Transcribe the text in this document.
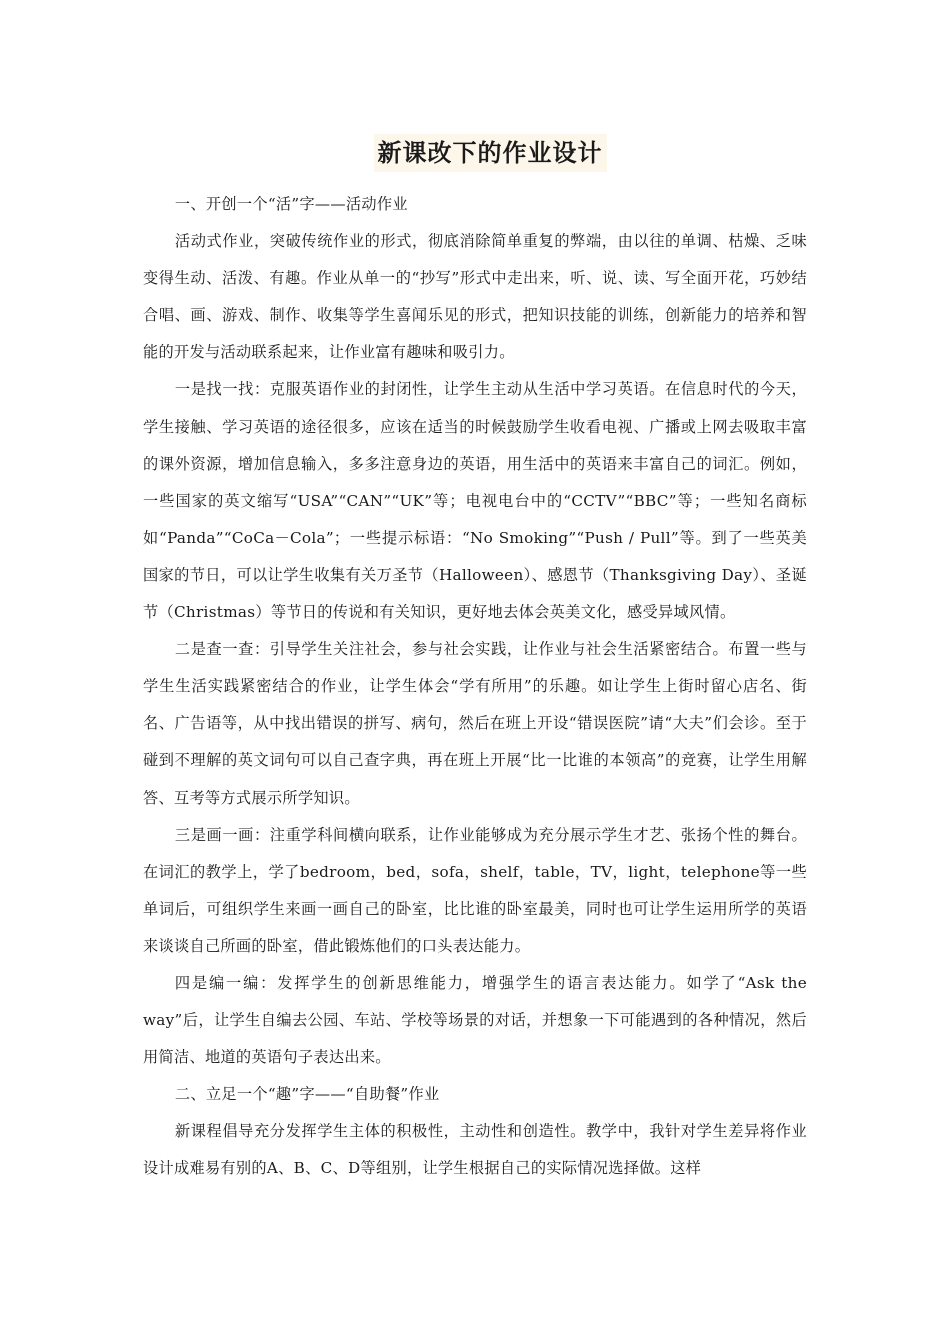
新课改下的作业设计

一、开创一个“活”字——活动作业

活动式作业，突破传统作业的形式，彻底消除简单重复的弊端，由以往的单调、枯燥、乏味变得生动、活泼、有趣。作业从单一的“抄写”形式中走出来，听、说、读、写全面开花，巧妙结合唱、画、游戏、制作、收集等学生喜闻乐见的形式，把知识技能的训练，创新能力的培养和智能的开发与活动联系起来，让作业富有趣味和吸引力。

一是找一找：克服英语作业的封闭性，让学生主动从生活中学习英语。在信息时代的今天，学生接触、学习英语的途径很多，应该在适当的时候鼓励学生收看电视、广播或上网去吸取丰富的课外资源，增加信息输入，多多注意身边的英语，用生活中的英语来丰富自己的词汇。例如，一些国家的英文缩写“USA”“CAN”“UK”等；电视电台中的“CCTV”“BBC”等；一些知名商标如“Panda”“CoCa－Cola”；一些提示标语：“No Smoking”“Push / Pull”等。到了一些英美国家的节日，可以让学生收集有关万圣节（Halloween）、感恩节（Thanksgiving Day）、圣诞节（Christmas）等节日的传说和有关知识，更好地去体会英美文化，感受异域风情。

二是查一查：引导学生关注社会，参与社会实践，让作业与社会生活紧密结合。布置一些与学生生活实践紧密结合的作业，让学生体会“学有所用”的乐趣。如让学生上街时留心店名、街名、广告语等，从中找出错误的拼写、病句，然后在班上开设“错误医院”请“大夫”们会诊。至于碰到不理解的英文词句可以自己查字典，再在班上开展“比一比谁的本领高”的竞赛，让学生用解答、互考等方式展示所学知识。

三是画一画：注重学科间横向联系，让作业能够成为充分展示学生才艺、张扬个性的舞台。在词汇的教学上，学了bedroom，bed，sofa，shelf，table，TV，light，telephone等一些单词后，可组织学生来画一画自己的卧室，比比谁的卧室最美，同时也可让学生运用所学的英语来谈谈自己所画的卧室，借此锻炼他们的口头表达能力。

四是编一编：发挥学生的创新思维能力，增强学生的语言表达能力。如学了“Ask the way”后，让学生自编去公园、车站、学校等场景的对话，并想象一下可能遇到的各种情况，然后用简洁、地道的英语句子表达出来。

二、立足一个“趣”字——“自助餐”作业

新课程倡导充分发挥学生主体的积极性，主动性和创造性。教学中，我针对学生差异将作业设计成难易有别的A、B、C、D等组别，让学生根据自己的实际情况选择做。这样
